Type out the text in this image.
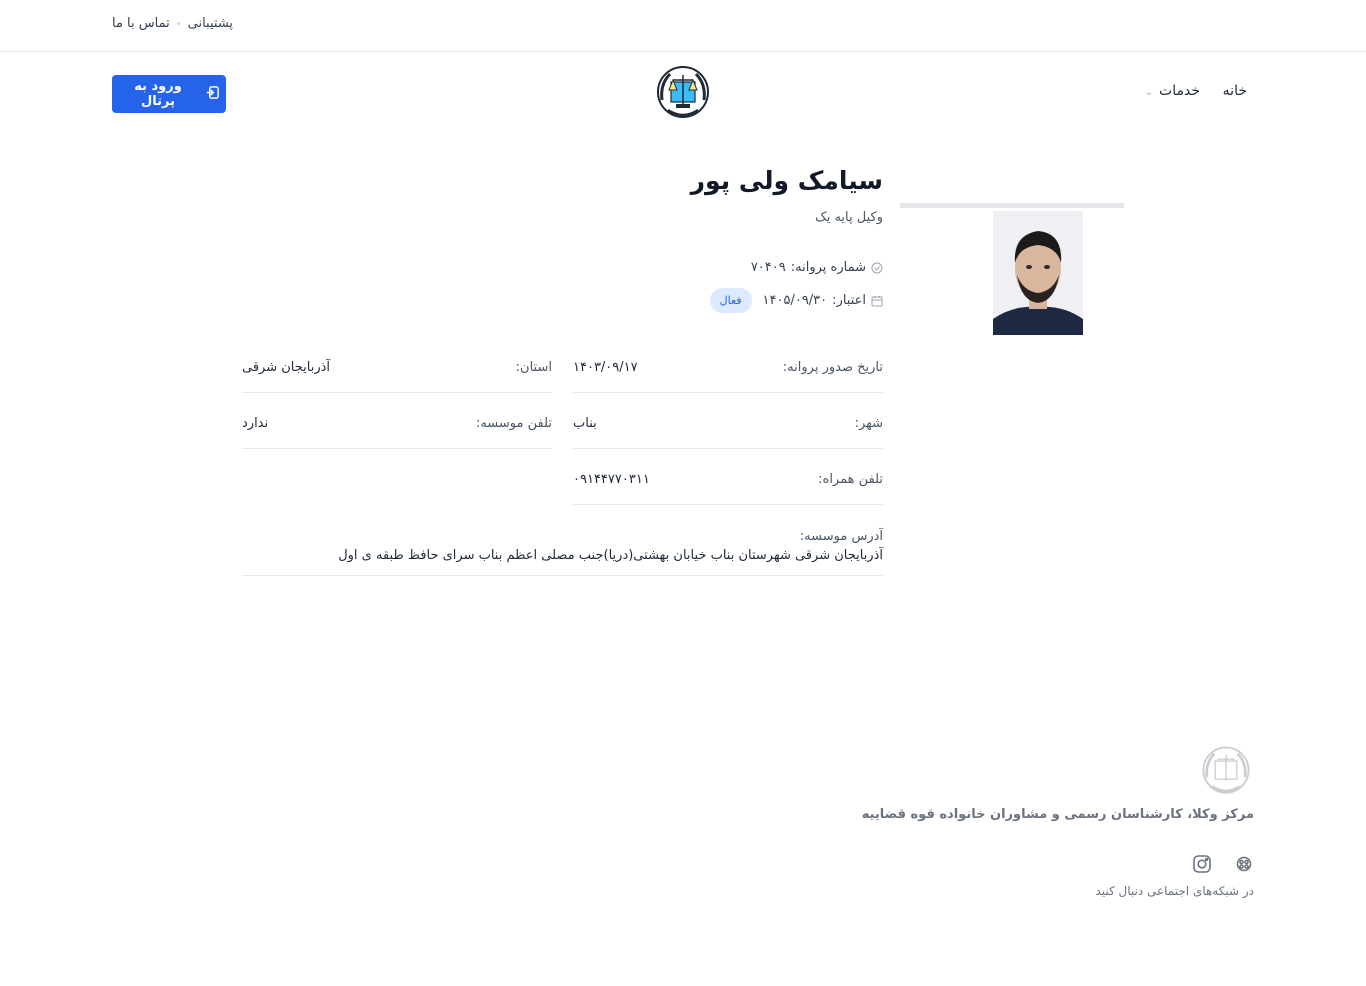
پشتیبانی•تماس با ما
خانه
خدمات⌄
ورود به پرتال
سیامک ولی پور
وکیل پایه یک
شماره پروانه:
۷۰۴۰۹
اعتبار:
۱۴۰۵/۰۹/۳۰
فعال
تاریخ صدور پروانه:
۱۴۰۳/۰۹/۱۷
استان:
آذربایجان شرقی
شهر:
بناب
تلفن موسسه:
ندارد
تلفن همراه:
۰۹۱۴۴۷۷۰۳۱۱
آدرس موسسه:
آذربایجان شرقی شهرستان بناب خیابان بهشتی(دریا)جنب مصلی اعظم بناب سرای حافظ طبقه ی اول
مرکز وکلا، کارشناسان رسمی و مشاوران خانواده قوه قضاییه
در شبکه‌های اجتماعی دنبال کنید
